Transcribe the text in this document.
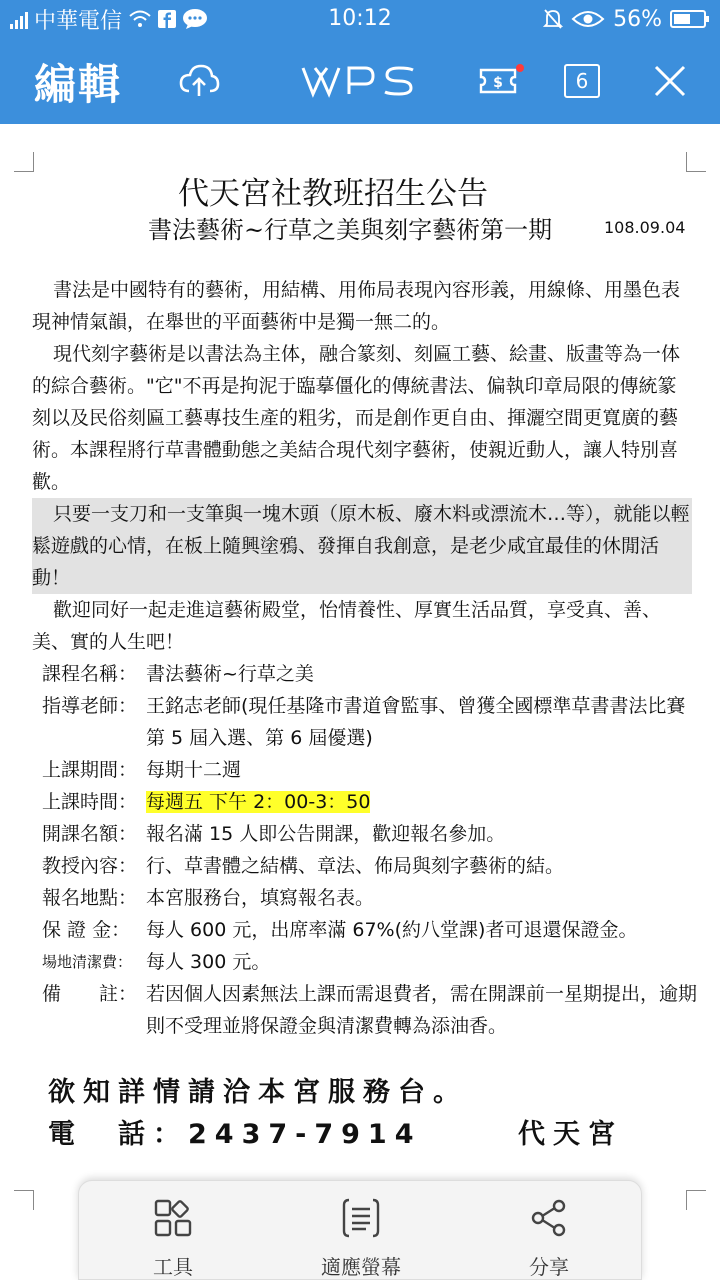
中華電信	10:12	56%
編輯	$	6
代天宮社教班招生公告
書法藝術~行草之美與刻字藝術第一期	108.09.04
書法是中國特有的藝術，用結構、用佈局表現內容形義，用線條、用墨色表現神情氣韻，在舉世的平面藝術中是獨一無二的。
現代刻字藝術是以書法為主体，融合篆刻、刻匾工藝、絵畫、版畫等為一体的綜合藝術。"它"不再是拘泥于臨摹僵化的傳統書法、偏執印章局限的傳統篆刻以及民俗刻匾工藝專技生產的粗劣，而是創作更自由、揮灑空間更寬廣的藝術。本課程將行草書體動態之美結合現代刻字藝術，使親近動人，讓人特別喜歡。
只要一支刀和一支筆與一塊木頭（原木板、廢木料或漂流木…等），就能以輕鬆遊戲的心情，在板上隨興塗鴉、發揮自我創意，是老少咸宜最佳的休閒活動！
歡迎同好一起走進這藝術殿堂，怡情養性、厚實生活品質，享受真、善、美、實的人生吧！
課程名稱： 書法藝術~行草之美
指導老師： 王銘志老師(現任基隆市書道會監事、曾獲全國標準草書書法比賽第 5 屆入選、第 6 屆優選)
上課期間： 每期十二週
上課時間： 每週五 下午 2：00-3：50
開課名額： 報名滿 15 人即公告開課，歡迎報名參加。
教授內容： 行、草書體之結構、章法、佈局與刻字藝術的結。
報名地點： 本宮服務台，填寫報名表。
保 證 金： 每人 600 元，出席率滿 67%(約八堂課)者可退還保證金。
場地清潔費： 每人 300 元。
備　　註： 若因個人因素無法上課而需退費者，需在開課前一星期提出，逾期則不受理並將保證金與清潔費轉為添油香。
欲知詳情請洽本宮服務台。
電　話：2437-7914	代天宮
工具	適應螢幕	分享
